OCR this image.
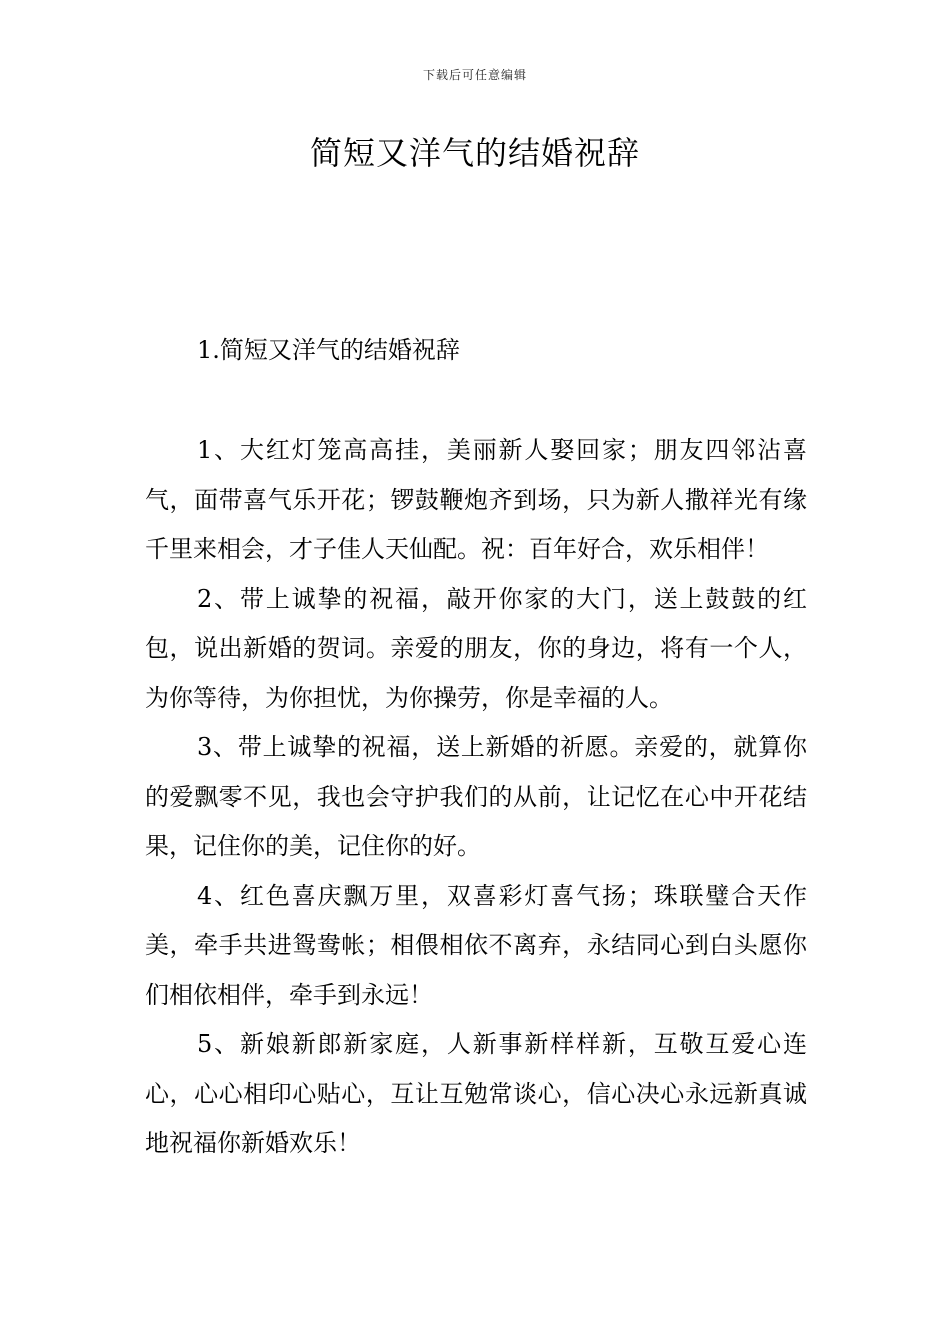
下载后可任意编辑
简短又洋气的结婚祝辞

1.简短又洋气的结婚祝辞

1、大红灯笼高高挂，美丽新人娶回家；朋友四邻沾喜气，面带喜气乐开花；锣鼓鞭炮齐到场，只为新人撒祥光有缘千里来相会，才子佳人天仙配。祝：百年好合，欢乐相伴！

2、带上诚挚的祝福，敲开你家的大门，送上鼓鼓的红包，说出新婚的贺词。亲爱的朋友，你的身边，将有一个人，为你等待，为你担忧，为你操劳，你是幸福的人。

3、带上诚挚的祝福，送上新婚的祈愿。亲爱的，就算你的爱飘零不见，我也会守护我们的从前，让记忆在心中开花结果，记住你的美，记住你的好。

4、红色喜庆飘万里，双喜彩灯喜气扬；珠联璧合天作美，牵手共进鸳鸯帐；相偎相依不离弃，永结同心到白头愿你们相依相伴，牵手到永远！

5、新娘新郎新家庭，人新事新样样新，互敬互爱心连心，心心相印心贴心，互让互勉常谈心，信心决心永远新真诚地祝福你新婚欢乐！
